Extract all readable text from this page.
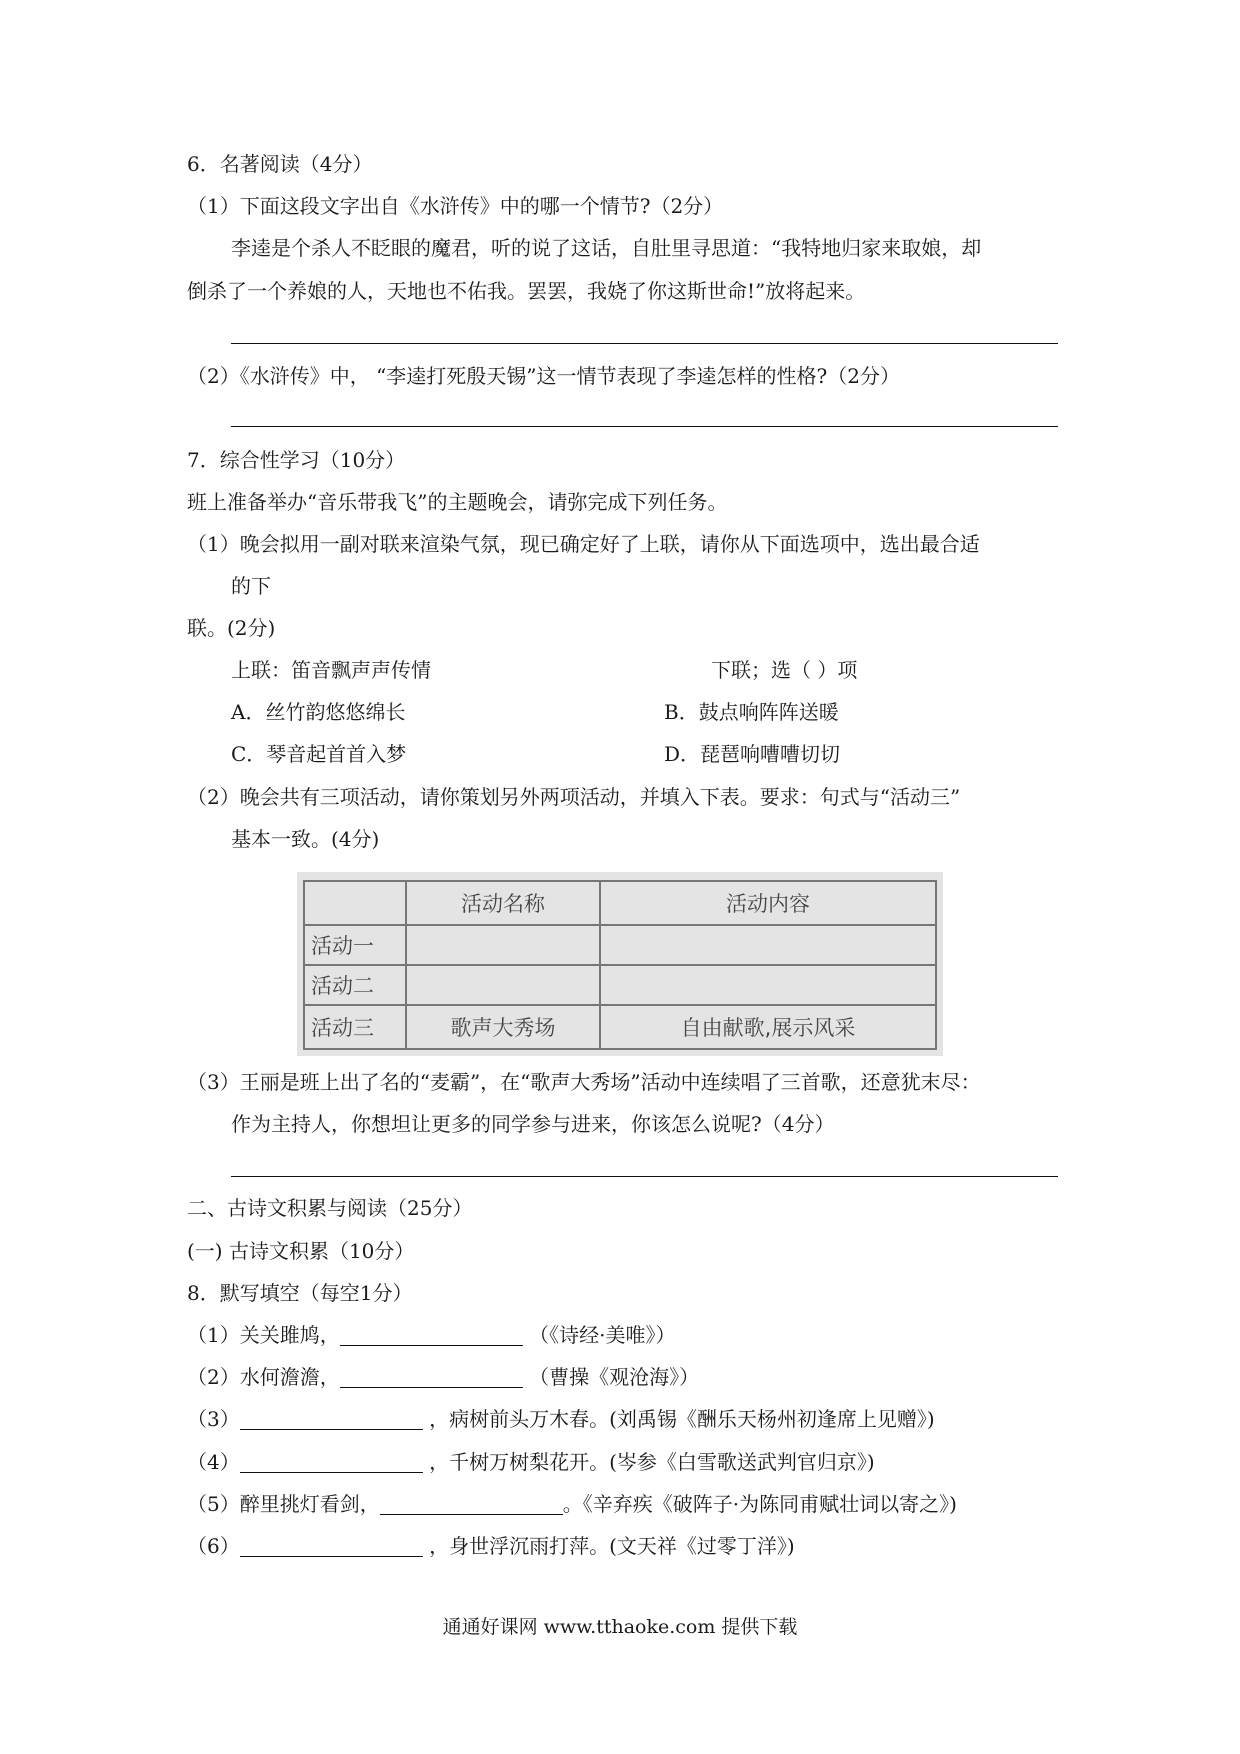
6．名著阅读（4分）
（1）下面这段文字出自《水浒传》中的哪一个情节?（2分）
李逵是个杀人不眨眼的魔君，听的说了这话，自肚里寻思道：“我特地归家来取娘，却
倒杀了一个养娘的人，天地也不佑我。罢罢，我娆了你这斯世命!”放将起来。
（2）《水浒传》中， “李逵打死殷天锡”这一情节表现了李逵怎样的性格?（2分）
7．综合性学习（10分）
班上准备举办“音乐带我飞”的主题晚会，请弥完成下列任务。
（1）晚会拟用一副对联来渲染气氛，现已确定好了上联，请你从下面选项中，选出最合适
的下
联。(2分)
上联：笛音飘声声传情	下联；选（ ）项
A．丝竹韵悠悠绵长	B．鼓点响阵阵送暖
C．琴音起首首入梦	D．琵琶响嘈嘈切切
（2）晚会共有三项活动，请你策划另外两项活动，并填入下表。要求：句式与“活动三”
基本一致。(4分)
	活动名称	活动内容
活动一		
活动二		
活动三	歌声大秀场	自由献歌,展示风采
（3）王丽是班上出了名的“麦霸”，在“歌声大秀场”活动中连续唱了三首歌，还意犹末尽：
作为主持人，你想坦让更多的同学参与进来，你该怎么说呢?（4分）
二、古诗文积累与阅读（25分）
(一) 古诗文积累（10分）
8．默写填空（每空1分）
（1）关关雎鸠，	（《诗经·美唯》）
（2）水何澹澹，	（曹操《观沧海》）
（3）	，病树前头万木春。(刘禹锡《酬乐天杨州初逢席上见赠》)
（4）	，千树万树梨花开。(岑参《白雪歌送武判官归京》)
（5）醉里挑灯看剑，	。《辛弃疾《破阵子·为陈同甫赋壮词以寄之》)
（6）	，身世浮沉雨打萍。(文天祥《过零丁洋》)
通通好课网 www.tthaoke.com 提供下载
